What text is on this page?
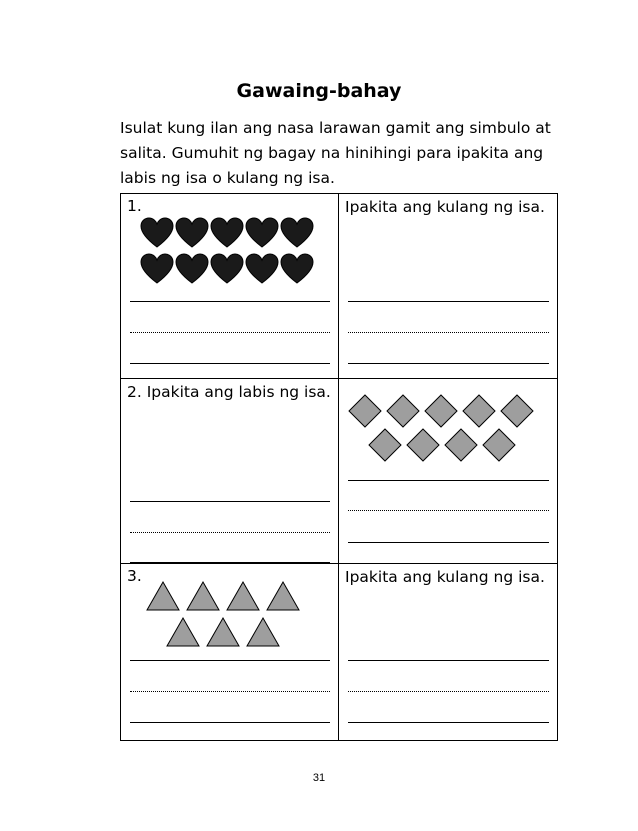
Gawaing-bahay

Isulat kung ilan ang nasa larawan gamit ang simbulo at salita. Gumuhit ng bagay na hinihingi para ipakita ang labis ng isa o kulang ng isa.

1.	Ipakita ang kulang ng isa.
2. Ipakita ang labis ng isa.
3.	Ipakita ang kulang ng isa.
31
